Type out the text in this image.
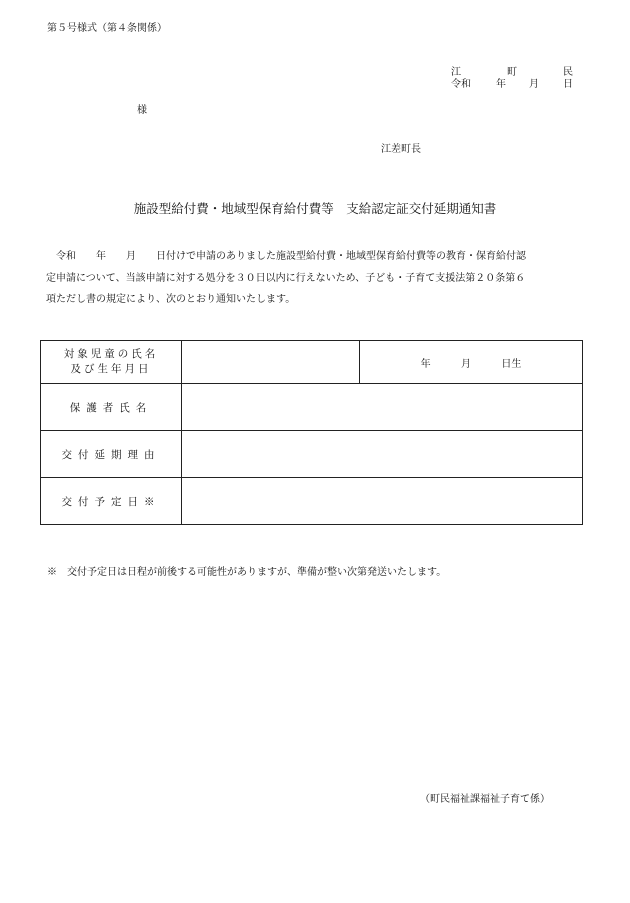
第５号様式（第４条関係）
江	町	民
令和	年 月 日
様
江差町長
施設型給付費・地域型保育給付費等　支給認定証交付延期通知書

　令和　　年　　月　　日付けで申請のありました施設型給付費・地域型保育給付費等の教育・保育給付認

定申請について、当該申請に対する処分を３０日以内に行えないため、子ども・子育て支援法第２０条第６

項ただし書の規定により、次のとおり通知いたします。

対象児童の氏名
及び生年月日		年 月 日生
保護者氏名		
交付延期理由		
交付予定日※		
※　交付予定日は日程が前後する可能性がありますが、準備が整い次第発送いたします。
（町民福祉課福祉子育て係）
